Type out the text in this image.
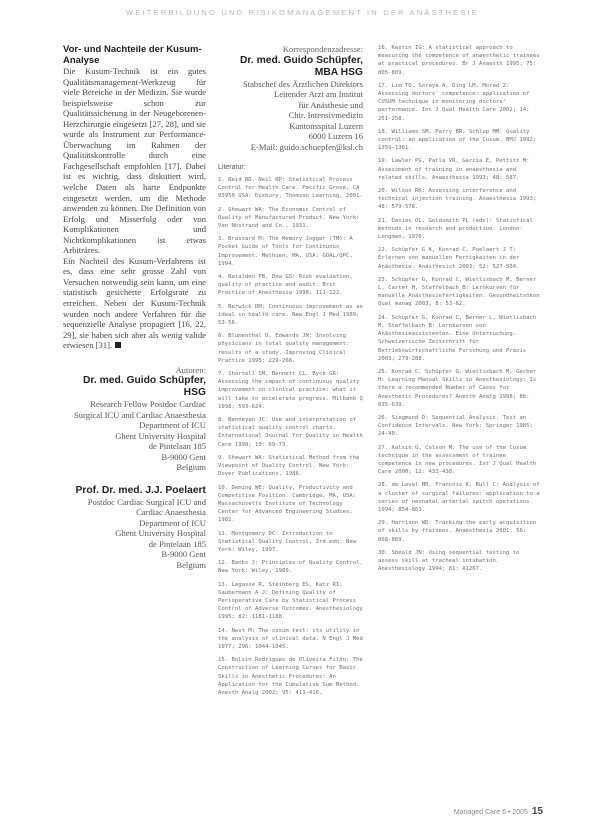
WEITERBILDUNG UND RISIKOMANAGEMENT IN DER ANÄSTHESIE
Vor- und Nachteile der Kusum-Analyse

Die Kusum-Technik ist ein gutes Qualitätsmanagement-Werkzeug für viele Bereiche in der Medizin. Sie wurde beispielsweise schon zur Qualitätssicherung in der Neugeborenen-Herzchirurgie eingesetzt [27, 28], und sie wurde als Instrument zur Performance-Überwachung im Rahmen der Qualitätskontrolle durch eine Fachgesellschaft empfohlen [17]. Dabei ist es wichtig, dass diskutiert wird, welche Daten als harte Endpunkte eingesetzt werden, um die Methode anwenden zu können. Die Definition von Erfolg und Misserfolg oder von Komplikationen und Nichtkomplikationen ist etwas Arbiträres.

Ein Nachteil des Kusum-Verfahrens ist es, dass eine sehr grosse Zahl von Versuchen notwendig sein kann, um eine statistisch gesicherte Erfolgsrate zu erreichen. Neben der Kusum-Technik wurden noch andere Verfahren für die sequenzielle Analyse propagiert [16, 22, 29], sie haben sich aber als wenig valide erwiesen [31].

Autoren:
Dr. med. Guido Schüpfer, HSG
Research Fellow Postdoc Cardiac
Surgical ICU and Cardiac Anaesthesia
Department of ICU
Ghent University Hospital
de Pintelaan 185
B-9000 Gent
Belgium
Prof. Dr. med. J.J. Poelaert
Postdoc Cardiac Surgical ICU and
Cardiac Anaesthesia
Department of ICU
Ghent University Hospital
de Pintelaan 185
B-9000 Gent
Belgium
Korrespondenzadresse:
Dr. med. Guido Schüpfer, MBA HSG
Stabschef des Ärztlichen Direktors
Leitender Arzt am Institut
für Anästhesie und
Chir. Intensivmedizin
Kantonsspital Luzern
6000 Luzern 16
E-Mail: guido.schuepfer@ksl.ch
Literatur:
1. Reid RD. Neil RP: Statistical Process Control for Health Care. Pacific Grove, CA 93950 USA: Duxbury, Thomson Learning, 2001.
2. Shewart WA: The Economic Control of Quality of Manufactured Product. New York: Van Nostrand and Co., 1931.
3. Brassard M: The Memory Jogger (TM): A Pocket Guide of Tools for Continuous Improvement. Methuen, MA, USA: GOAL/QPC, 1994.
4. Batalden PB, Dow GS: Risk evaluation, quality of practice and audit. Brit Practice of Anesthesia 1998, 111-122.
5. Berwick DM: Continuous improvement as an ideal in health care. New Engl J Med 1989; 53-56.
6. Blumenthal D, Edwards JN: Involving physicians in total quality management: results of a study. Improving Clinical Practice 1995; 229-266.
7. Shortell SM, Bennett CL, Byck GR: Assessing the impact of continuous quality improvement on clinical practice: what it will take to accelerate progress. Milbank Q 1998; 593-624.
8. Benneyan JC: Use and interpretation of statistical quality control charts. International Journal for Quality in Health Care 1998; 10: 69-73.
9. Shewart WA: Statistical Method from the Viewpoint of Quality Control. New York: Dover Publications, 1986.
10. Deming WE: Quality, Productivity and Competitive Position. Cambridge, MA, USA: Massachusetts Institute of Technology Center for Advanced Engineering Studies, 1982.
11. Montgomery DC: Introduction to Statistical Quality Control, 3rd edn. New York: Wiley, 1997.
12. Banks J: Principles of Quality Control. New York: Wiley, 1989.
13. Lagasse R, Steinberg ES, Katz RI, Saubermann A J: Defining Quality of Perioperative Care by Statistical Process Control of Adverse Outcomes. Anesthesiology 1995; 82: 1181-1188.
14. Nest M: The cusum test: its utility in the analysis of clinical data. N Engl J Med 1977; 296: 1044-1045.
15. Bolsin Rodrigues de Oliveira Filho: The Construction of Learning Curves for Basic Skills in Anesthetic Procedures: An Application for the Cumulative Sum Method. Anesth Analg 2002; 95: 411-416.
16. Kestin IG: A statistical approach to measuring the competence of anaesthetic trainees at practical procedures. Br J Anaesth 1995; 75: 805-809.
17. Lim TO, Soraya A, Ding LM, Morad Z: Assessing doctors' competence: application of CUSUM technique in monitoring doctors' performance. Int J Qual Health Care 2002; 14: 251-258.
18. Williams SM, Parry BR, Schlup MM: Quality control: an application of the Cusum. BMJ 1992; 1359-1361.
19. Lawler PG, Patla VR, Garcia E, Pettitt M: Assessment of training in anaesthesia and related skills. Anaesthesia 1993; 48: 587.
20. Wilson RK: Assessing interference and technical injection training. Anaesthesia 1993; 48: 579-578.
21. Davies OL, Goldsmith PL (eds): Statistical methods in research and production. London: Longman, 1976.
22. Schüpfer G K, Konrad C, Poelaert J T: Erlernen von manuellen Fertigkeiten in der Anästhesie. Anästhesist 2003; 52: 527-534.
23. Schüpfer G, Konrad C, Wietlisbach M, Berner L, Carter H, Staffelbach B: Lernkurven für manuelle Anästhesiefertigkeiten. Gesundheitsökon Qual manag 2003; 8: 53-62.
24. Schüpfer G, Konrad C, Berner L, Wietlisbach M, Staffelbach B: Lernkurven von Anästhesieassistenten. Eine Untersuchung. Schweizerische Zeitschrift für Betriebswirtschaftliche Forschung und Praxis 2003; 279-288.
25. Konrad C, Schüpfer G, Wietlisbach M, Gerber H: Learning Manual Skills in Anesthesiology: Is there a recommended Number of Cases for Anesthetic Procedures? Anesth Analg 1998; 86: 635-639.
26. Siegmund D: Sequential Analysis. Test an Confidence Intervals. New York: Springer 1985; 24-40.
27. Kalsin G, Colson M: The use of the Cusum technique in the assessment of trainee competence in new procedures. Int J Qual Health Care 2000; 12: 433-438.
28. de Leval MR, Francois K, Bull C: Analysis of a cluster of surgical failures: application to a series of neonatal arterial switch operations. 1994; 854-863.
29. Harrison WD: Tracking the early acquisition of skills by trainees. Anaesthesia 2001; 56: 868-869.
30. Sheald JN: Using sequential testing to assess skill at tracheal intubation. Anesthesiology 1994; 81: A1267.
Managed Care 6 • 2005 15
